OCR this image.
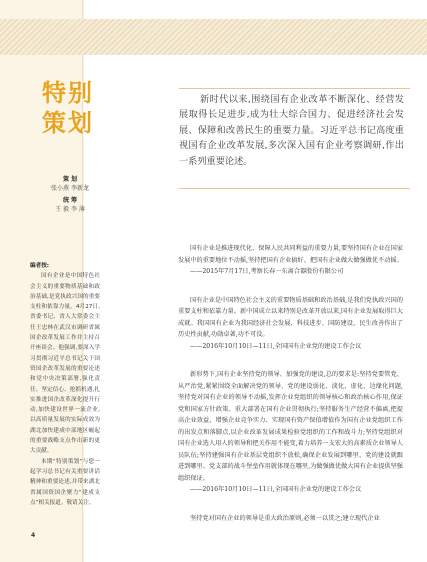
特别
策划
策 划
张小燕 李新龙
统 筹
王 毅 李 薄

编者按:

国有企业是中国特色社会主义的重要物质基础和政治基础,是党执政兴国的重要支柱和依靠力量。4月27日,省委书记、省人大常委会主任王忠林在武汉市调研省属国企改革发展工作并主持召开座谈会。他强调,要深入学习贯彻习近平总书记关于国资国企改革发展的重要论述和党中央决策部署,强化责任、坚定信心、抢抓机遇,扎实推进国企改革深化提升行动,加快建设世界一流企业,以高质量发展的实际成效为湖北加快建成中部地区崛起的重要战略支点作出新的更大贡献。

本期“特别策划”与您一起学习总书记有关重要讲话精神和重要论述,并带来湖北省属国资国企聚力“建成支点”相关报道。敬请关注。

新时代以来,围绕国有企业改革不断深化、经营发展取得长足进步,成为壮大综合国力、促进经济社会发展、保障和改善民生的重要力量。习近平总书记高度重视国有企业改革发展,多次深入国有企业考察调研,作出一系列重要论述。

国有企业是推进现代化、保障人民共同利益的重要力量,要坚持国有企业在国家发展中的重要地位不动摇,坚持把国有企业搞好、把国有企业做大做强做优不动摇。

——2015年7月17日,考察长春一东离合器股份有限公司

国有企业是中国特色社会主义的重要物质基础和政治基础,是我们党执政兴国的重要支柱和依靠力量。新中国成立以来特别是改革开放以来,国有企业发展取得巨大成就。我国国有企业为我国经济社会发展、科技进步、国防建设、民生改善作出了历史性贡献,功勋卓著,功不可没。

——2016年10月10日—11日,全国国有企业党的建设工作会议

新形势下,国有企业坚持党的领导、加强党的建设,总的要求是:坚持党要管党、从严治党,紧紧围绕全面解决党的领导、党的建设弱化、淡化、虚化、边缘化问题,坚持党对国有企业的领导不动摇,发挥企业党组织的领导核心和政治核心作用,保证党和国家方针政策、重大部署在国有企业贯彻执行;坚持服务生产经营不偏离,把提高企业效益、增强企业竞争实力、实现国有资产保值增值作为国有企业党组织工作的出发点和落脚点,以企业改革发展成果检验党组织的工作和战斗力;坚持党组织对国有企业选人用人的领导和把关作用不能变,着力培养一支宏大的高素质企业领导人员队伍;坚持建强国有企业基层党组织不放松,确保企业发展到哪里、党的建设就跟进到哪里、党支部的战斗堡垒作用就体现在哪里,为做强做优做大国有企业提供坚强组织保证。

——2016年10月10日—11日,全国国有企业党的建设工作会议

坚持党对国有企业的领导是重大政治原则,必须一以贯之;建立现代企业

4
